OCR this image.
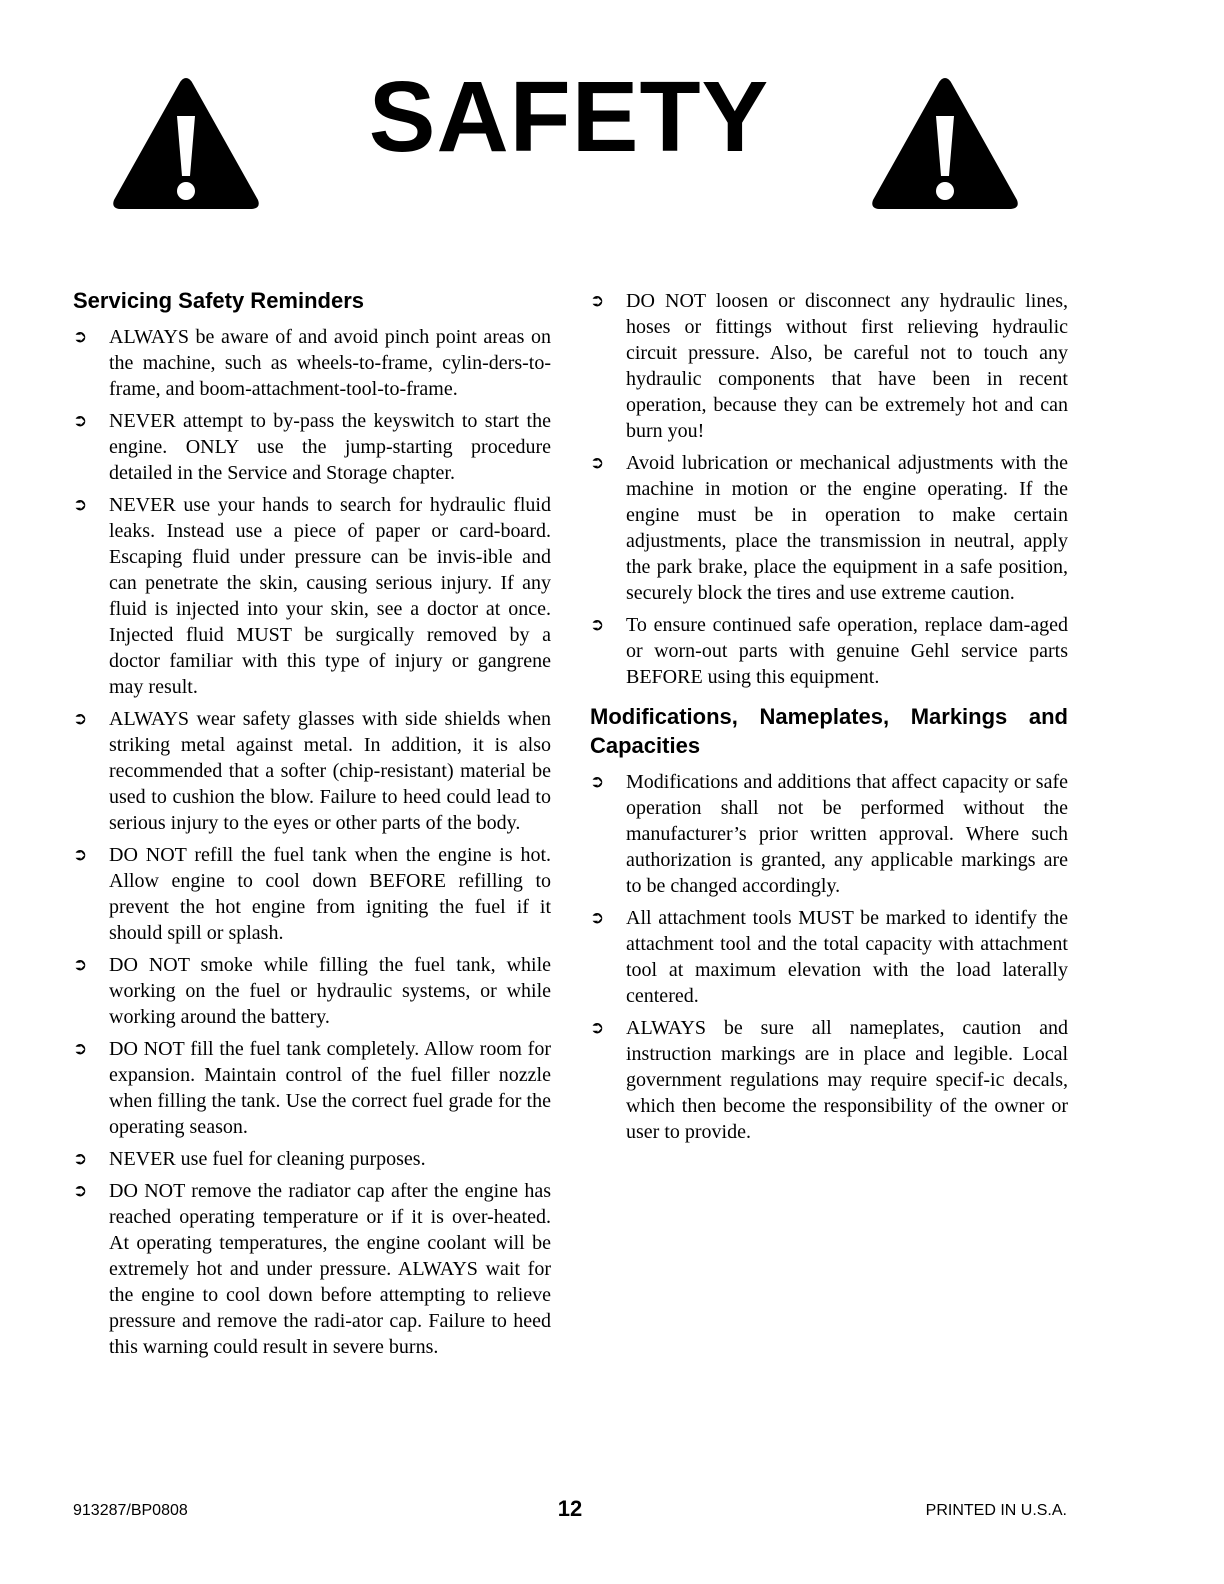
SAFETY
Servicing Safety Reminders
➲ ALWAYS be aware of and avoid pinch point areas on the machine, such as wheels-to-frame, cylin-ders-to-frame, and boom-attachment-tool-to-frame.
➲ NEVER attempt to by-pass the keyswitch to start the engine. ONLY use the jump-starting procedure detailed in the Service and Storage chapter.
➲ NEVER use your hands to search for hydraulic fluid leaks. Instead use a piece of paper or card-board. Escaping fluid under pressure can be invis-ible and can penetrate the skin, causing serious injury. If any fluid is injected into your skin, see a doctor at once. Injected fluid MUST be surgically removed by a doctor familiar with this type of injury or gangrene may result.
➲ ALWAYS wear safety glasses with side shields when striking metal against metal. In addition, it is also recommended that a softer (chip-resistant) material be used to cushion the blow. Failure to heed could lead to serious injury to the eyes or other parts of the body.
➲ DO NOT refill the fuel tank when the engine is hot. Allow engine to cool down BEFORE refilling to prevent the hot engine from igniting the fuel if it should spill or splash.
➲ DO NOT smoke while filling the fuel tank, while working on the fuel or hydraulic systems, or while working around the battery.
➲ DO NOT fill the fuel tank completely. Allow room for expansion. Maintain control of the fuel filler nozzle when filling the tank. Use the correct fuel grade for the operating season.
➲ NEVER use fuel for cleaning purposes.
➲ DO NOT remove the radiator cap after the engine has reached operating temperature or if it is over-heated. At operating temperatures, the engine coolant will be extremely hot and under pressure. ALWAYS wait for the engine to cool down before attempting to relieve pressure and remove the radi-ator cap. Failure to heed this warning could result in severe burns.
➲ DO NOT loosen or disconnect any hydraulic lines, hoses or fittings without first relieving hydraulic circuit pressure. Also, be careful not to touch any hydraulic components that have been in recent operation, because they can be extremely hot and can burn you!
➲ Avoid lubrication or mechanical adjustments with the machine in motion or the engine operating. If the engine must be in operation to make certain adjustments, place the transmission in neutral, apply the park brake, place the equipment in a safe position, securely block the tires and use extreme caution.
➲ To ensure continued safe operation, replace dam-aged or worn-out parts with genuine Gehl service parts BEFORE using this equipment.
Modifications, Nameplates, Markings and Capacities
➲ Modifications and additions that affect capacity or safe operation shall not be performed without the manufacturer’s prior written approval. Where such authorization is granted, any applicable markings are to be changed accordingly.
➲ All attachment tools MUST be marked to identify the attachment tool and the total capacity with attachment tool at maximum elevation with the load laterally centered.
➲ ALWAYS be sure all nameplates, caution and instruction markings are in place and legible. Local government regulations may require specif-ic decals, which then become the responsibility of the owner or user to provide.
913287/BP0808	12	PRINTED IN U.S.A.
